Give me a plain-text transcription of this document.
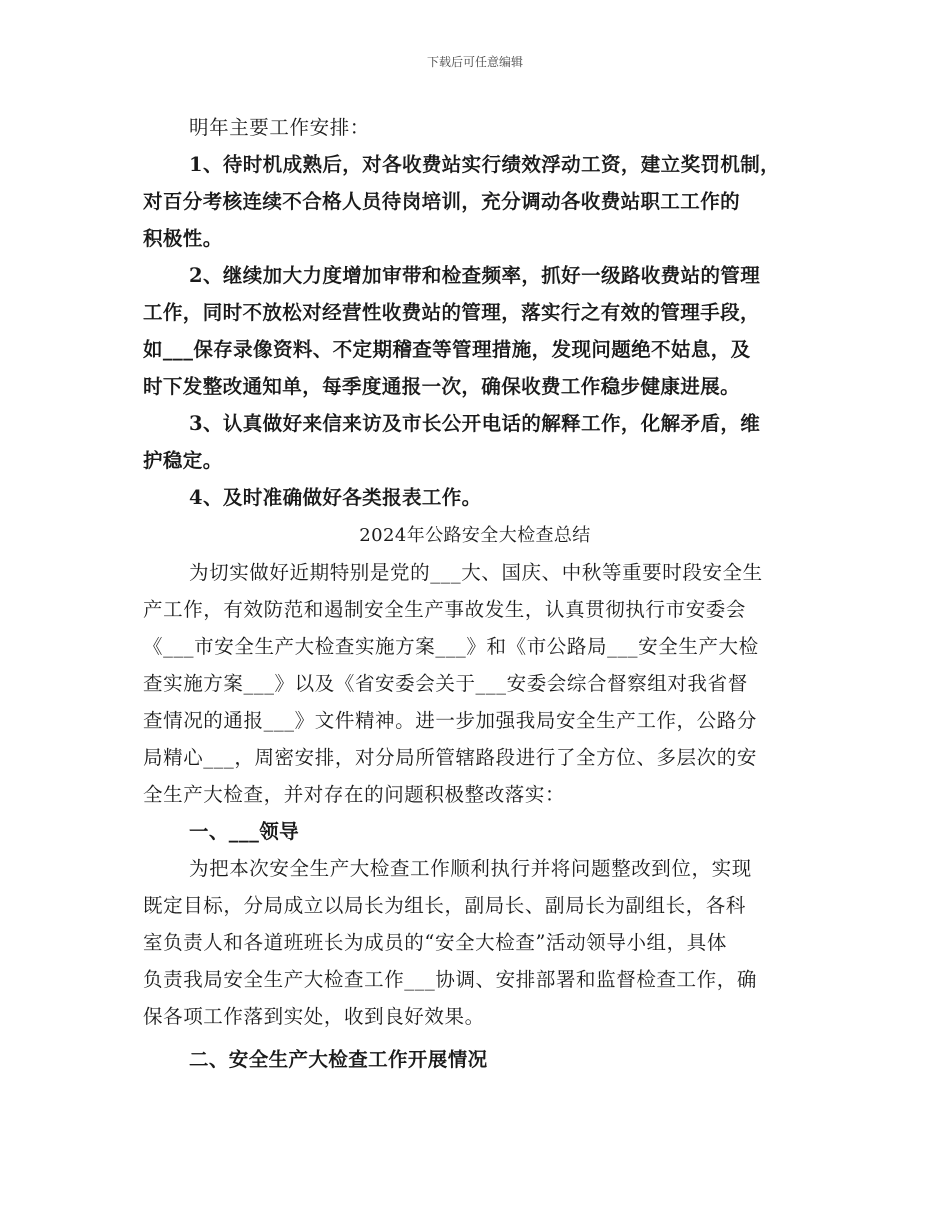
下载后可任意编辑
明年主要工作安排：
1、待时机成熟后，对各收费站实行绩效浮动工资，建立奖罚机制，
对百分考核连续不合格人员待岗培训，充分调动各收费站职工工作的
积极性。
2、继续加大力度增加审带和检查频率，抓好一级路收费站的管理
工作，同时不放松对经营性收费站的管理，落实行之有效的管理手段，
如___保存录像资料、不定期稽查等管理措施，发现问题绝不姑息，及
时下发整改通知单，每季度通报一次，确保收费工作稳步健康进展。
3、认真做好来信来访及市长公开电话的解释工作，化解矛盾，维
护稳定。
4、及时准确做好各类报表工作。
2024年公路安全大检查总结
为切实做好近期特别是党的___大、国庆、中秋等重要时段安全生
产工作，有效防范和遏制安全生产事故发生，认真贯彻执行市安委会
《___市安全生产大检查实施方案___》和《市公路局___安全生产大检
查实施方案___》以及《省安委会关于___安委会综合督察组对我省督
查情况的通报___》文件精神。进一步加强我局安全生产工作，公路分
局精心___，周密安排，对分局所管辖路段进行了全方位、多层次的安
全生产大检查，并对存在的问题积极整改落实：
一、___领导
为把本次安全生产大检查工作顺利执行并将问题整改到位，实现
既定目标，分局成立以局长为组长，副局长、副局长为副组长，各科
室负责人和各道班班长为成员的“安全大检查”活动领导小组，具体
负责我局安全生产大检查工作___协调、安排部署和监督检查工作，确
保各项工作落到实处，收到良好效果。
二、安全生产大检查工作开展情况
